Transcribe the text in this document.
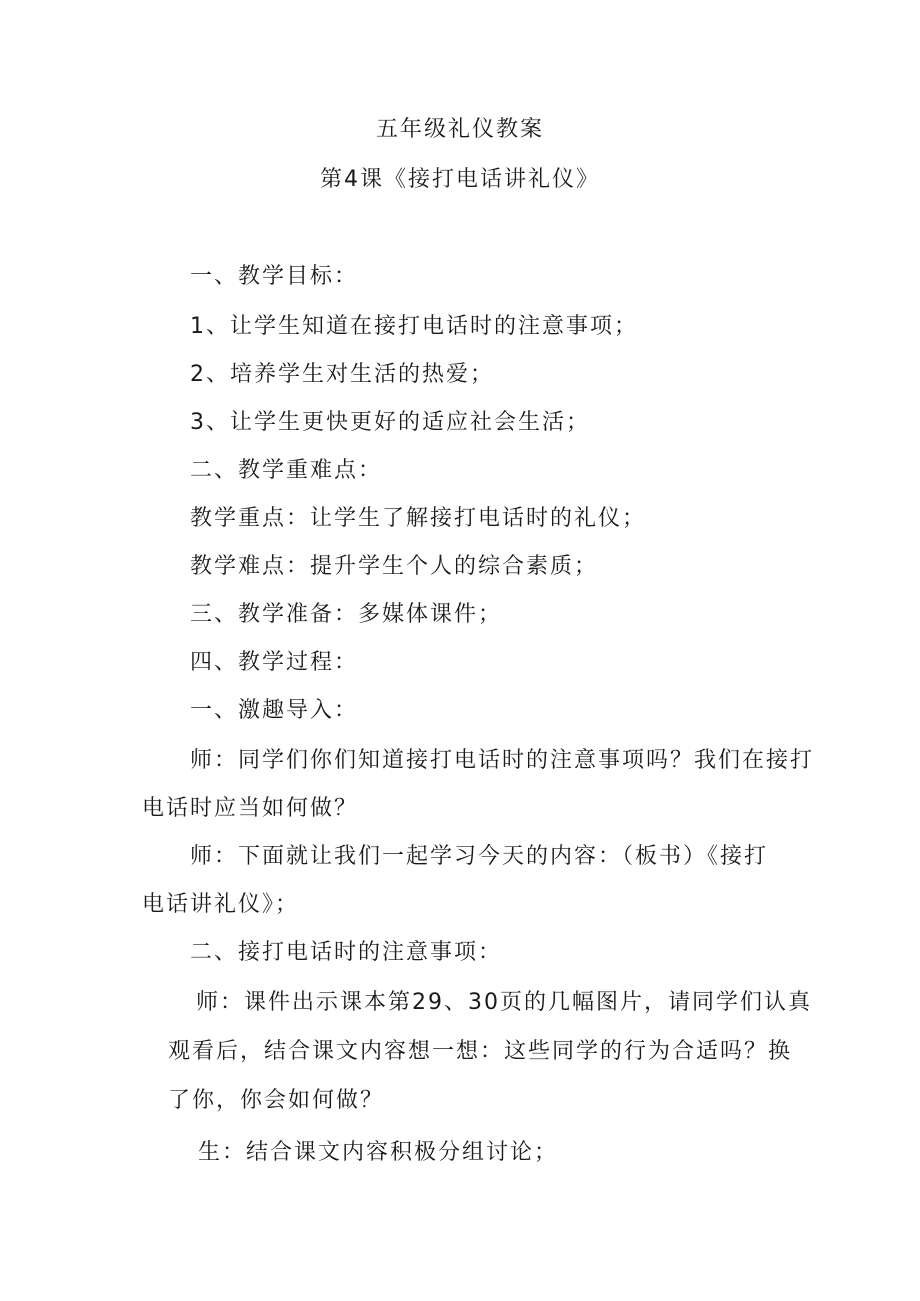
五年级礼仪教案
第4课《接打电话讲礼仪》
一、教学目标：
1、让学生知道在接打电话时的注意事项；
2、培养学生对生活的热爱；
3、让学生更快更好的适应社会生活；
二、教学重难点：
教学重点：让学生了解接打电话时的礼仪；
教学难点：提升学生个人的综合素质；
三、教学准备：多媒体课件；
四、教学过程：
一、激趣导入：
师：同学们你们知道接打电话时的注意事项吗？我们在接打
电话时应当如何做？
师：下面就让我们一起学习今天的内容：（板书）《接打
电话讲礼仪》；
二、接打电话时的注意事项：
师：课件出示课本第29、30页的几幅图片，请同学们认真
观看后，结合课文内容想一想：这些同学的行为合适吗？换
了你，你会如何做？
生：结合课文内容积极分组讨论；
